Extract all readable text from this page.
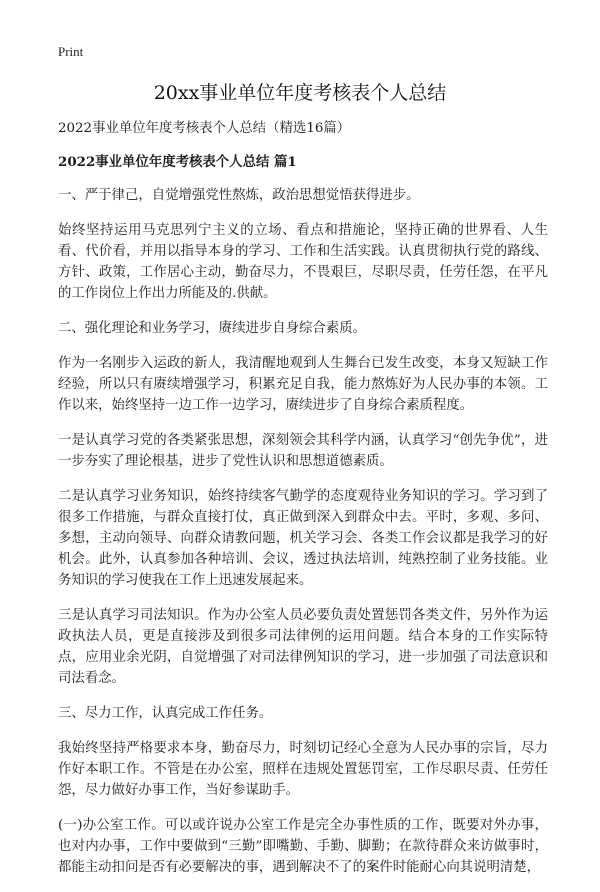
Print
20xx事业单位年度考核表个人总结

2022事业单位年度考核表个人总结（精选16篇）

2022事业单位年度考核表个人总结 篇1

一、严于律己，自觉增强党性熬炼，政治思想觉悟获得进步。

始终坚持运用马克思列宁主义的立场、看点和措施论，坚持正确的世界看、人生看、代价看，并用以指导本身的学习、工作和生活实践。认真贯彻执行党的路线、方针、政策，工作居心主动，勤奋尽力，不畏艰巨，尽职尽责，任劳任怨，在平凡的工作岗位上作出力所能及的.供献。

二、强化理论和业务学习，赓续进步自身综合素质。

作为一名刚步入运政的新人，我清醒地观到人生舞台已发生改变，本身又短缺工作经验，所以只有赓续增强学习，积累充足自我，能力熬炼好为人民办事的本领。工作以来，始终坚持一边工作一边学习，赓续进步了自身综合素质程度。

一是认真学习党的各类紧张思想，深刻领会其科学内涵，认真学习“创先争优”，进一步夯实了理论根基，进步了党性认识和思想道德素质。

二是认真学习业务知识，始终持续客气勤学的态度观待业务知识的学习。学习到了很多工作措施，与群众直接打仗，真正做到深入到群众中去。平时，多观、多问、多想，主动向领导、向群众请教问题，机关学习会、各类工作会议都是我学习的好机会。此外，认真参加各种培训、会议，透过执法培训，纯熟控制了业务技能。业务知识的学习使我在工作上迅速发展起来。

三是认真学习司法知识。作为办公室人员必要负责处置惩罚各类文件，另外作为运政执法人员，更是直接涉及到很多司法律例的运用问题。结合本身的工作实际特点，应用业余光阴，自觉增强了对司法律例知识的学习，进一步加强了司法意识和司法看念。

三、尽力工作，认真完成工作任务。

我始终坚持严格要求本身，勤奋尽力，时刻切记经心全意为人民办事的宗旨，尽力作好本职工作。不管是在办公室，照样在违规处置惩罚室，工作尽职尽责、任劳任怨，尽力做好办事工作，当好参谋助手。

(一)办公室工作。可以或许说办公室工作是完全办事性质的工作，既要对外办事，也对内办事，工作中要做到“三勤”即嘴勤、手勤、脚勤；在款待群众来访做事时，都能主动扣问是否有必要解决的事，遇到解决不了的案件时能耐心向其说明清楚，
